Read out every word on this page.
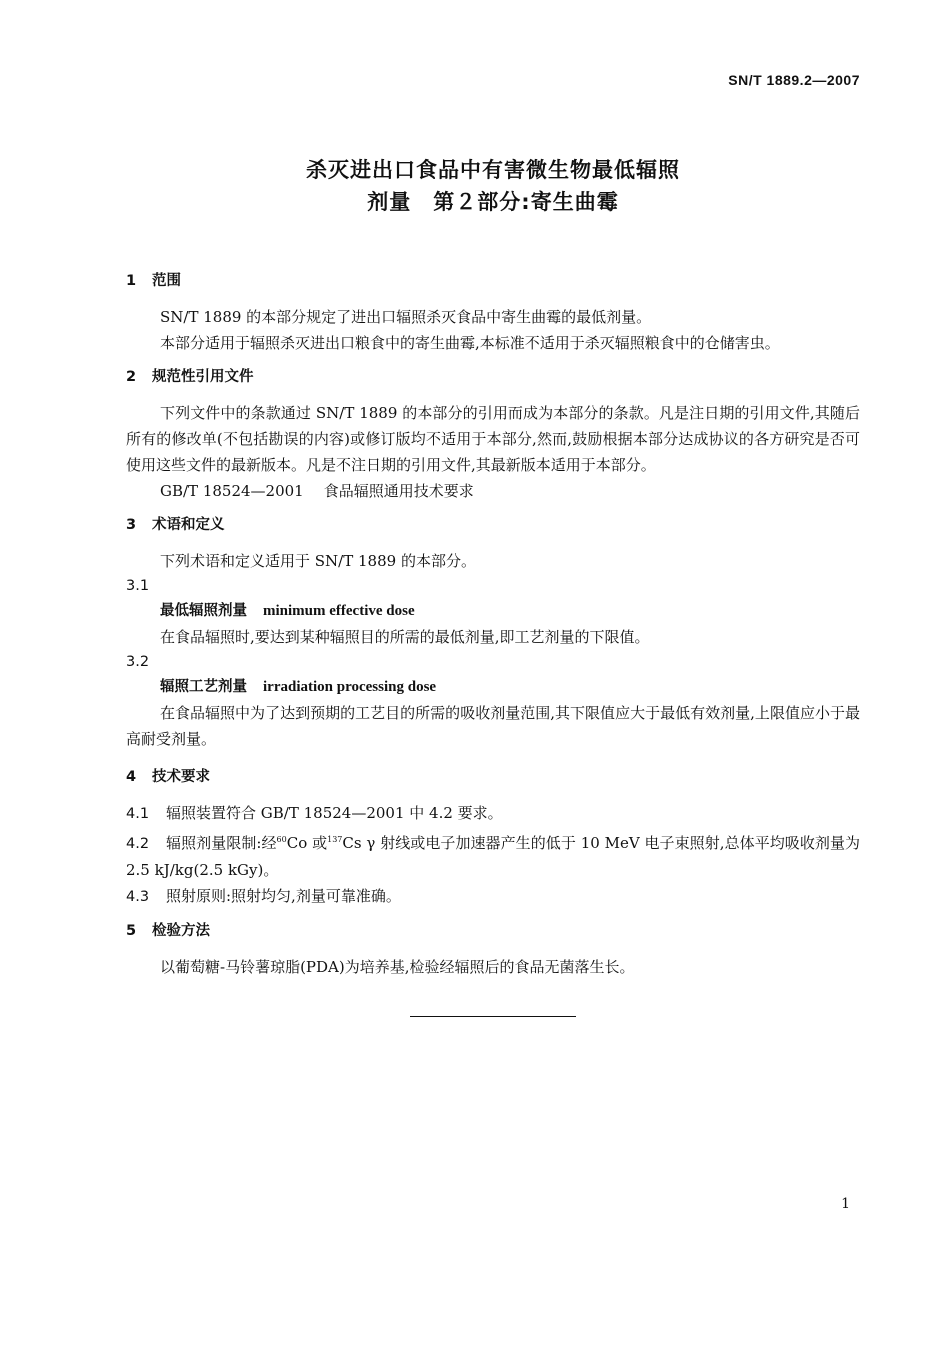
SN/T 1889.2—2007
杀灭进出口食品中有害微生物最低辐照
剂量　第２部分:寄生曲霉
1 范围

SN/T 1889 的本部分规定了进出口辐照杀灭食品中寄生曲霉的最低剂量。

本部分适用于辐照杀灭进出口粮食中的寄生曲霉,本标准不适用于杀灭辐照粮食中的仓储害虫。

2 规范性引用文件

下列文件中的条款通过 SN/T 1889 的本部分的引用而成为本部分的条款。凡是注日期的引用文件,其随后所有的修改单(不包括勘误的内容)或修订版均不适用于本部分,然而,鼓励根据本部分达成协议的各方研究是否可使用这些文件的最新版本。凡是不注日期的引用文件,其最新版本适用于本部分。

GB/T 18524—2001 食品辐照通用技术要求
3 术语和定义

下列术语和定义适用于 SN/T 1889 的本部分。

3.1
最低辐照剂量 minimum effective dose

在食品辐照时,要达到某种辐照目的所需的最低剂量,即工艺剂量的下限值。

3.2
辐照工艺剂量 irradiation processing dose

在食品辐照中为了达到预期的工艺目的所需的吸收剂量范围,其下限值应大于最低有效剂量,上限值应小于最高耐受剂量。

4 技术要求
4.1 辐照装置符合 GB/T 18524—2001 中 4.2 要求。
4.2 辐照剂量限制:经$^{60}$Co 或$^{137}$Cs γ 射线或电子加速器产生的低于 10 MeV 电子束照射,总体平均吸收剂量为 2.5 kJ/kg(2.5 kGy)。
4.3 照射原则:照射均匀,剂量可靠准确。
5 检验方法

以葡萄糖-马铃薯琼脂(PDA)为培养基,检验经辐照后的食品无菌落生长。

1
